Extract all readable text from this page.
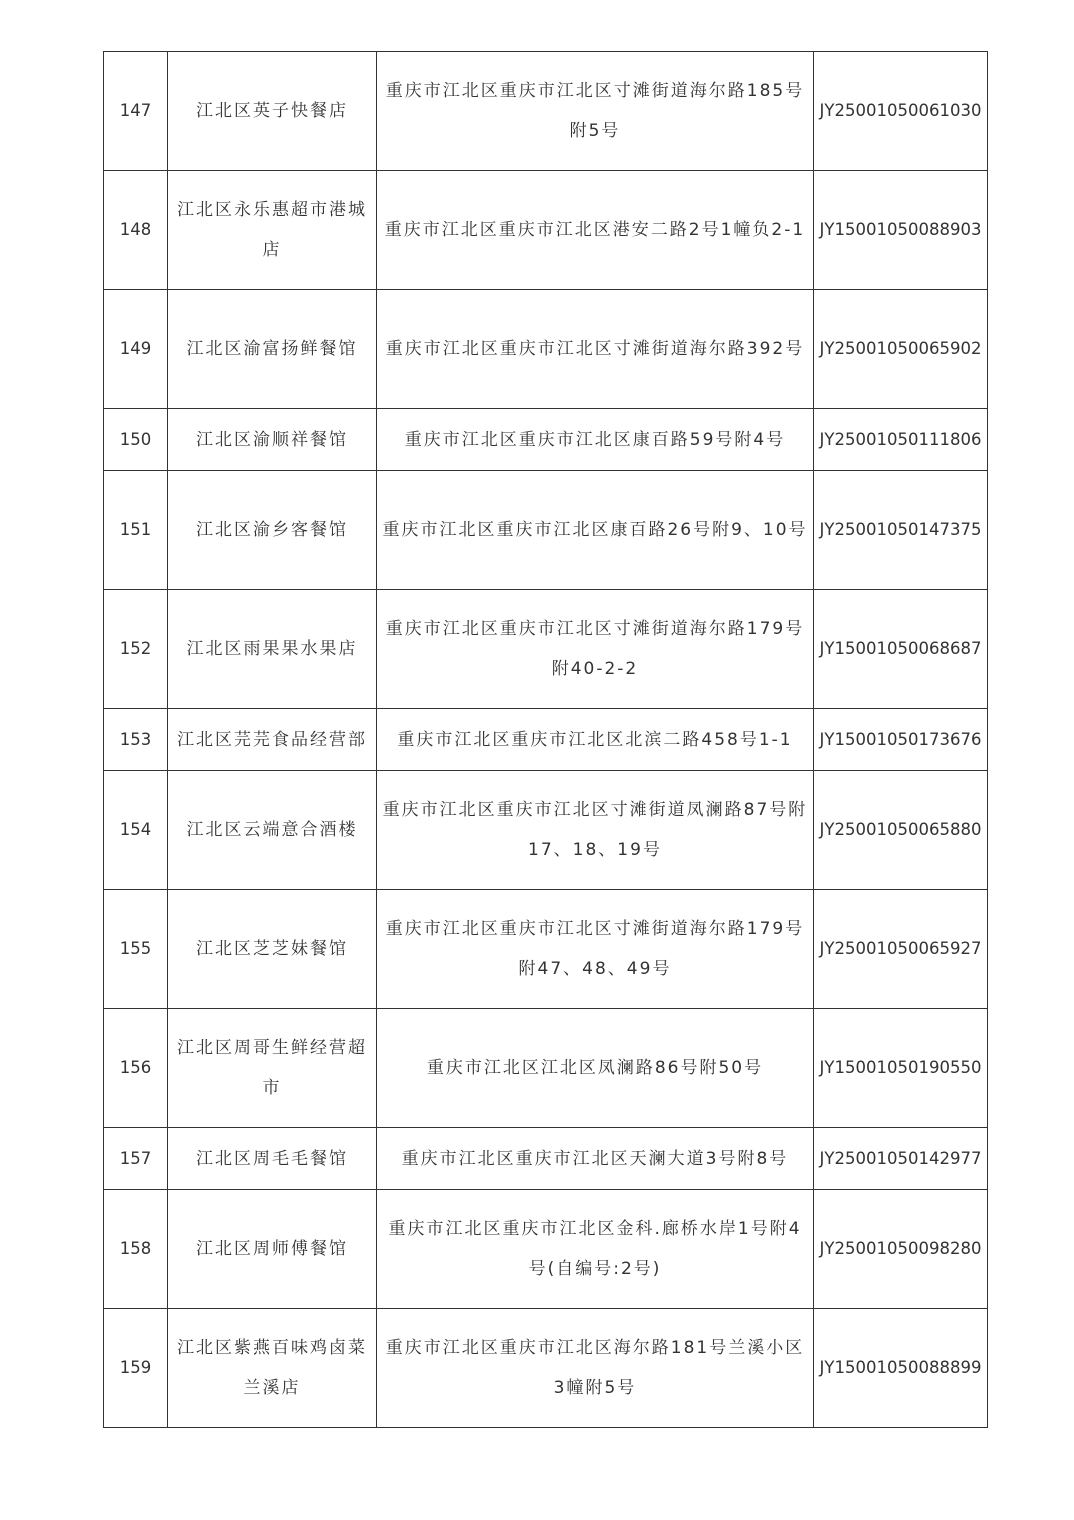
147	江北区英子快餐店	重庆市江北区重庆市江北区寸滩街道海尔路185号附5号	JY25001050061030
148	江北区永乐惠超市港城店	重庆市江北区重庆市江北区港安二路2号1幢负2-1	JY15001050088903
149	江北区渝富扬鲜餐馆	重庆市江北区重庆市江北区寸滩街道海尔路392号	JY25001050065902
150	江北区渝顺祥餐馆	重庆市江北区重庆市江北区康百路59号附4号	JY25001050111806
151	江北区渝乡客餐馆	重庆市江北区重庆市江北区康百路26号附9、10号	JY25001050147375
152	江北区雨果果水果店	重庆市江北区重庆市江北区寸滩街道海尔路179号附40-2-2	JY15001050068687
153	江北区芫芫食品经营部	重庆市江北区重庆市江北区北滨二路458号1-1	JY15001050173676
154	江北区云端意合酒楼	重庆市江北区重庆市江北区寸滩街道凤澜路87号附17、18、19号	JY25001050065880
155	江北区芝芝妹餐馆	重庆市江北区重庆市江北区寸滩街道海尔路179号附47、48、49号	JY25001050065927
156	江北区周哥生鲜经营超市	重庆市江北区江北区凤澜路86号附50号	JY15001050190550
157	江北区周毛毛餐馆	重庆市江北区重庆市江北区天澜大道3号附8号	JY25001050142977
158	江北区周师傅餐馆	重庆市江北区重庆市江北区金科.廊桥水岸1号附4号(自编号:2号)	JY25001050098280
159	江北区紫燕百味鸡卤菜兰溪店	重庆市江北区重庆市江北区海尔路181号兰溪小区3幢附5号	JY15001050088899
